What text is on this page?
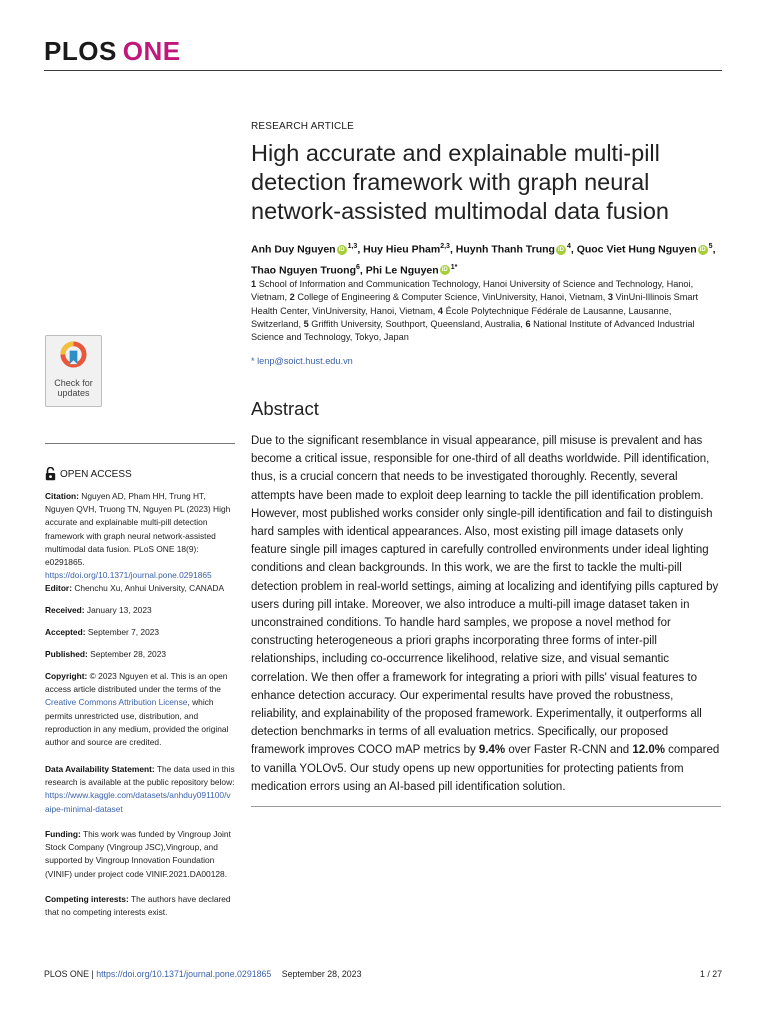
PLOS ONE
RESEARCH ARTICLE
High accurate and explainable multi-pill detection framework with graph neural network-assisted multimodal data fusion
Anh Duy Nguyen iD $^{1,3}$, Huy Hieu Pham$^{2,3}$, Huynh Thanh Trung iD $^4$, Quoc Viet Hung Nguyen iD $^5$, Thao Nguyen Truong$^6$, Phi Le Nguyen iD $^{1*}$
1 School of Information and Communication Technology, Hanoi University of Science and Technology, Hanoi, Vietnam, 2 College of Engineering & Computer Science, VinUniversity, Hanoi, Vietnam, 3 VinUni-Illinois Smart Health Center, VinUniversity, Hanoi, Vietnam, 4 École Polytechnique Fédérale de Lausanne, Lausanne, Switzerland, 5 Griffith University, Southport, Queensland, Australia, 6 National Institute of Advanced Industrial Science and Technology, Tokyo, Japan
* lenp@soict.hust.edu.vn
Abstract
Due to the significant resemblance in visual appearance, pill misuse is prevalent and has become a critical issue, responsible for one-third of all deaths worldwide. Pill identification, thus, is a crucial concern that needs to be investigated thoroughly. Recently, several attempts have been made to exploit deep learning to tackle the pill identification problem. However, most published works consider only single-pill identification and fail to distinguish hard samples with identical appearances. Also, most existing pill image datasets only feature single pill images captured in carefully controlled environments under ideal lighting conditions and clean backgrounds. In this work, we are the first to tackle the multi-pill detection problem in real-world settings, aiming at localizing and identifying pills captured by users during pill intake. Moreover, we also introduce a multi-pill image dataset taken in unconstrained conditions. To handle hard samples, we propose a novel method for constructing heterogeneous a priori graphs incorporating three forms of inter-pill relationships, including co-occurrence likelihood, relative size, and visual semantic correlation. We then offer a framework for integrating a priori with pills' visual features to enhance detection accuracy. Our experimental results have proved the robustness, reliability, and explainability of the proposed framework. Experimentally, it outperforms all detection benchmarks in terms of all evaluation metrics. Specifically, our proposed framework improves COCO mAP metrics by 9.4% over Faster R-CNN and 12.0% compared to vanilla YOLOv5. Our study opens up new opportunities for protecting patients from medication errors using an AI-based pill identification solution.
Check for
updates
OPEN ACCESS
Citation: Nguyen AD, Pham HH, Trung HT, Nguyen QVH, Truong TN, Nguyen PL (2023) High accurate and explainable multi-pill detection framework with graph neural network-assisted multimodal data fusion. PLoS ONE 18(9): e0291865. https://doi.org/10.1371/journal.pone.0291865
Editor: Chenchu Xu, Anhui University, CANADA
Received: January 13, 2023
Accepted: September 7, 2023
Published: September 28, 2023
Copyright: © 2023 Nguyen et al. This is an open access article distributed under the terms of the Creative Commons Attribution License, which permits unrestricted use, distribution, and reproduction in any medium, provided the original author and source are credited.
Data Availability Statement: The data used in this research is available at the public repository below: https://www.kaggle.com/datasets/anhduy091100/vaipe-minimal-dataset
Funding: This work was funded by Vingroup Joint Stock Company (Vingroup JSC),Vingroup, and supported by Vingroup Innovation Foundation (VINIF) under project code VINIF.2021.DA00128.
Competing interests: The authors have declared that no competing interests exist.
PLOS ONE | https://doi.org/10.1371/journal.pone.0291865 September 28, 2023	1 / 27
